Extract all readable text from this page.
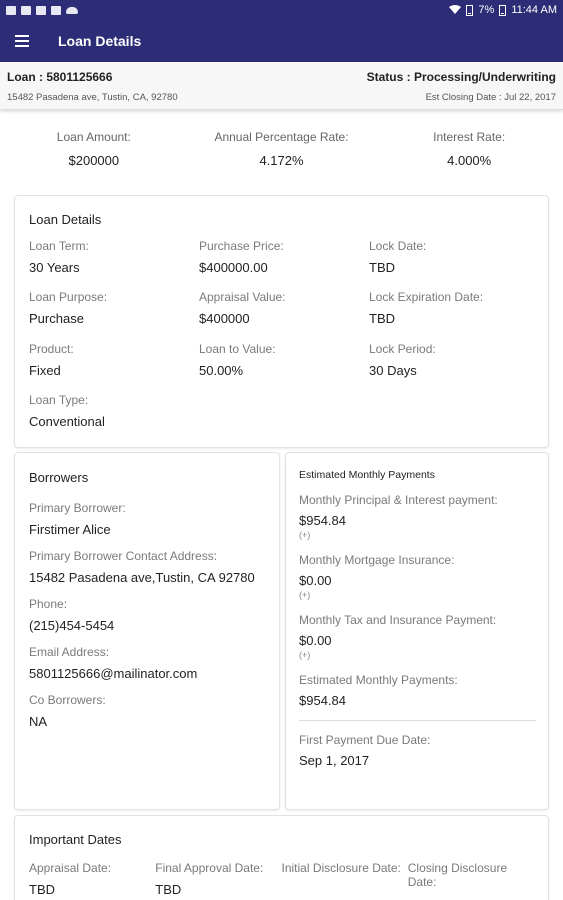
7% 11:44 AM
Loan Details
Loan : 5801125666	Status : Processing/Underwriting
15482 Pasadena ave, Tustin, CA, 92780	Est Closing Date : Jul 22, 2017
Loan Amount:
$200000
Annual Percentage Rate:
4.172%
Interest Rate:
4.000%
Loan Details
Loan Term:
30 Years
Purchase Price:
$400000.00
Lock Date:
TBD
Loan Purpose:
Purchase
Appraisal Value:
$400000
Lock Expiration Date:
TBD
Product:
Fixed
Loan to Value:
50.00%
Lock Period:
30 Days
Loan Type:
Conventional
Borrowers
Primary Borrower:
Firstimer Alice
Primary Borrower Contact Address:
15482 Pasadena ave,Tustin, CA 92780
Phone:
(215)454-5454
Email Address:
5801125666@mailinator.com
Co Borrowers:
NA
Estimated Monthly Payments
Monthly Principal & Interest payment:
$954.84
(+)
Monthly Mortgage Insurance:
$0.00
(+)
Monthly Tax and Insurance Payment:
$0.00
(+)
Estimated Monthly Payments:
$954.84
First Payment Due Date:
Sep 1, 2017
Important Dates
Appraisal Date:
TBD
Final Approval Date:
TBD
Initial Disclosure Date: Closing Disclosure Date:
